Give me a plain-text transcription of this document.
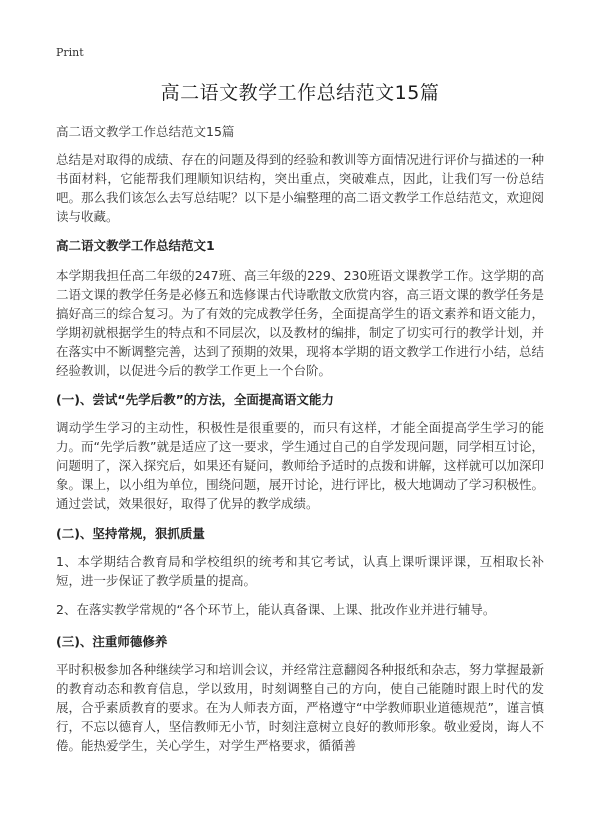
Print
高二语文教学工作总结范文15篇
高二语文教学工作总结范文15篇

总结是对取得的成绩、存在的问题及得到的经验和教训等方面情况进行评价与描述的一种书面材料，它能帮我们理顺知识结构，突出重点，突破难点，因此，让我们写一份总结吧。那么我们该怎么去写总结呢？以下是小编整理的高二语文教学工作总结范文，欢迎阅读与收藏。

高二语文教学工作总结范文1

本学期我担任高二年级的247班、高三年级的229、230班语文课教学工作。这学期的高二语文课的教学任务是必修五和选修课古代诗歌散文欣赏内容，高三语文课的教学任务是搞好高三的综合复习。为了有效的完成教学任务，全面提高学生的语文素养和语文能力，学期初就根据学生的特点和不同层次，以及教材的编排，制定了切实可行的教学计划，并在落实中不断调整完善，达到了预期的效果，现将本学期的语文教学工作进行小结，总结经验教训，以促进今后的教学工作更上一个台阶。

(一)、尝试“先学后教”的方法，全面提高语文能力

调动学生学习的主动性，积极性是很重要的，而只有这样，才能全面提高学生学习的能力。而“先学后教”就是适应了这一要求，学生通过自己的自学发现问题，同学相互讨论，问题明了，深入探究后，如果还有疑问，教师给予适时的点拨和讲解，这样就可以加深印象。课上，以小组为单位，围绕问题，展开讨论，进行评比，极大地调动了学习积极性。通过尝试，效果很好，取得了优异的教学成绩。

(二)、坚持常规，狠抓质量

1、本学期结合教育局和学校组织的统考和其它考试，认真上课听课评课，互相取长补短，进一步保证了教学质量的提高。

2、在落实教学常规的“各个环节上，能认真备课、上课、批改作业并进行辅导。

(三)、注重师德修养

平时积极参加各种继续学习和培训会议，并经常注意翻阅各种报纸和杂志，努力掌握最新的教育动态和教育信息，学以致用，时刻调整自己的方向，使自己能随时跟上时代的发展，合乎素质教育的要求。在为人师表方面，严格遵守“中学教师职业道德规范”，谨言慎行，不忘以德育人，坚信教师无小节，时刻注意树立良好的教师形象。敬业爱岗，诲人不倦。能热爱学生，关心学生，对学生严格要求，循循善
